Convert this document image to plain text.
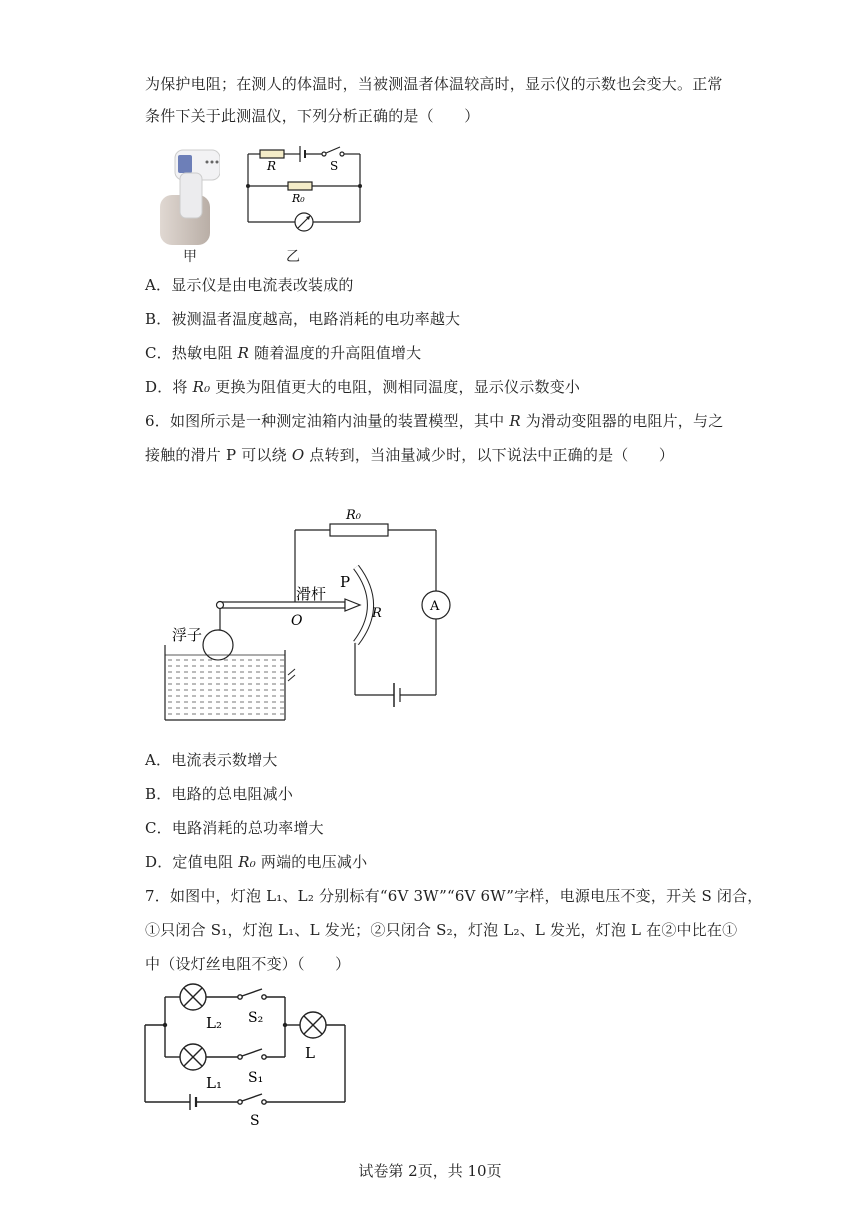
为保护电阻；在测人的体温时，当被测温者体温较高时，显示仪的示数也会变大。正常
条件下关于此测温仪，下列分析正确的是（　　）
甲
R	S
R₀
乙
A．显示仪是由电流表改装成的
B．被测温者温度越高，电路消耗的电功率越大
C．热敏电阻 R 随着温度的升高阻值增大
D．将 R₀ 更换为阻值更大的电阻，测相同温度，显示仪示数变小
6．如图所示是一种测定油箱内油量的装置模型，其中 R 为滑动变阻器的电阻片，与之
接触的滑片 P 可以绕 O 点转到，当油量减少时，以下说法中正确的是（　　）
R₀
P
滑杆
O	R	A
浮子
A．电流表示数增大
B．电路的总电阻减小
C．电路消耗的总功率增大
D．定值电阻 R₀ 两端的电压减小
7．如图中，灯泡 L₁、L₂ 分别标有“6V 3W”“6V 6W”字样，电源电压不变，开关 S 闭合，
①只闭合 S₁，灯泡 L₁、L 发光；②只闭合 S₂，灯泡 L₂、L 发光，灯泡 L 在②中比在①
中（设灯丝电阻不变）（　　）
L₂ S₂
L
L₁ S₁
S
试卷第 2页，共 10页
